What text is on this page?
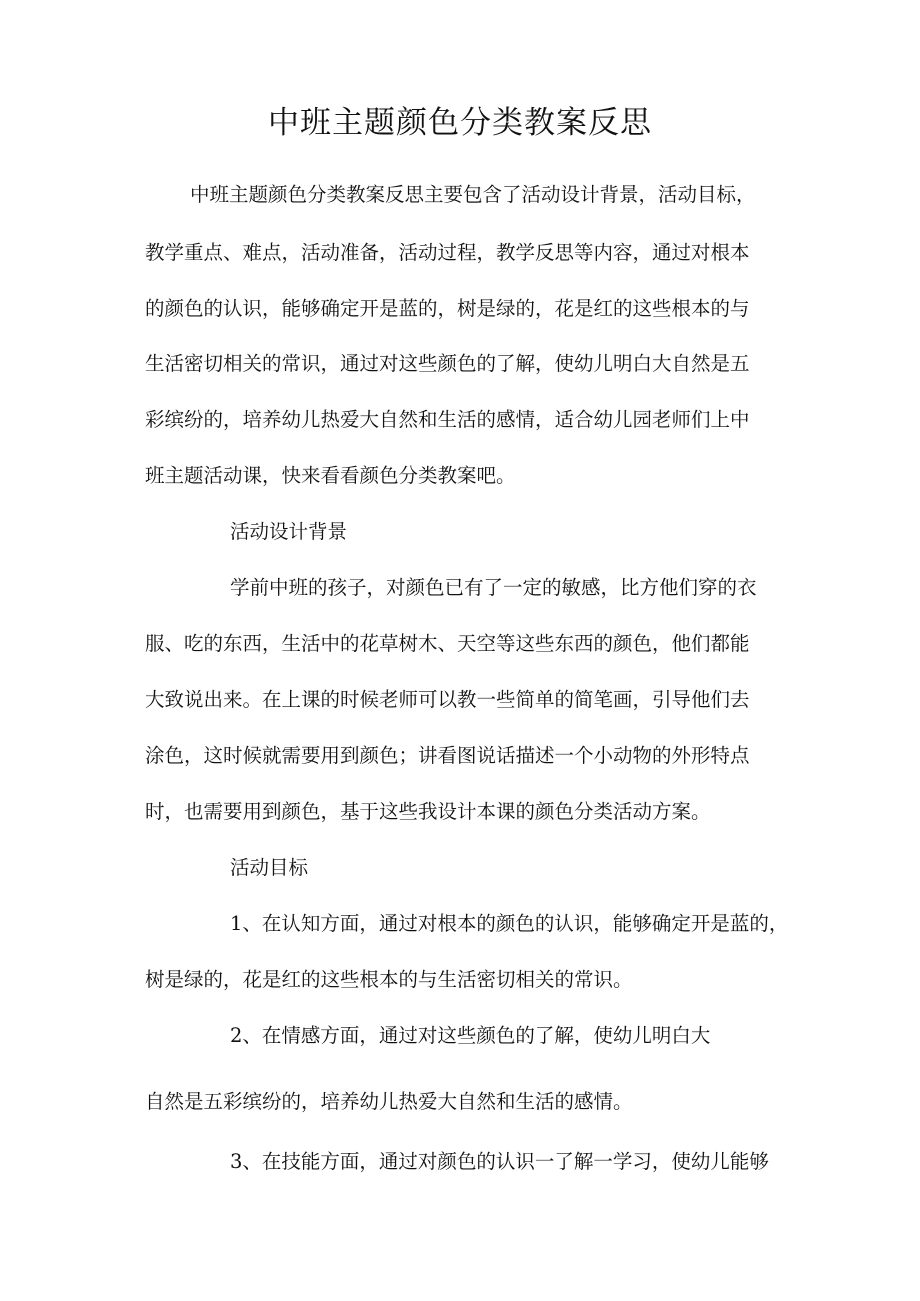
中班主题颜色分类教案反思

中班主题颜色分类教案反思主要包含了活动设计背景，活动目标，

教学重点、难点，活动准备，活动过程，教学反思等内容，通过对根本

的颜色的认识，能够确定开是蓝的，树是绿的，花是红的这些根本的与

生活密切相关的常识，通过对这些颜色的了解，使幼儿明白大自然是五

彩缤纷的，培养幼儿热爱大自然和生活的感情，适合幼儿园老师们上中

班主题活动课，快来看看颜色分类教案吧。

活动设计背景

学前中班的孩子，对颜色已有了一定的敏感，比方他们穿的衣

服、吃的东西，生活中的花草树木、天空等这些东西的颜色，他们都能

大致说出来。在上课的时候老师可以教一些简单的简笔画，引导他们去

涂色，这时候就需要用到颜色；讲看图说话描述一个小动物的外形特点

时，也需要用到颜色，基于这些我设计本课的颜色分类活动方案。

活动目标

1、在认知方面，通过对根本的颜色的认识，能够确定开是蓝的，

树是绿的，花是红的这些根本的与生活密切相关的常识。

2、在情感方面，通过对这些颜色的了解，使幼儿明白大

自然是五彩缤纷的，培养幼儿热爱大自然和生活的感情。

3、在技能方面，通过对颜色的认识一了解一学习，使幼儿能够
